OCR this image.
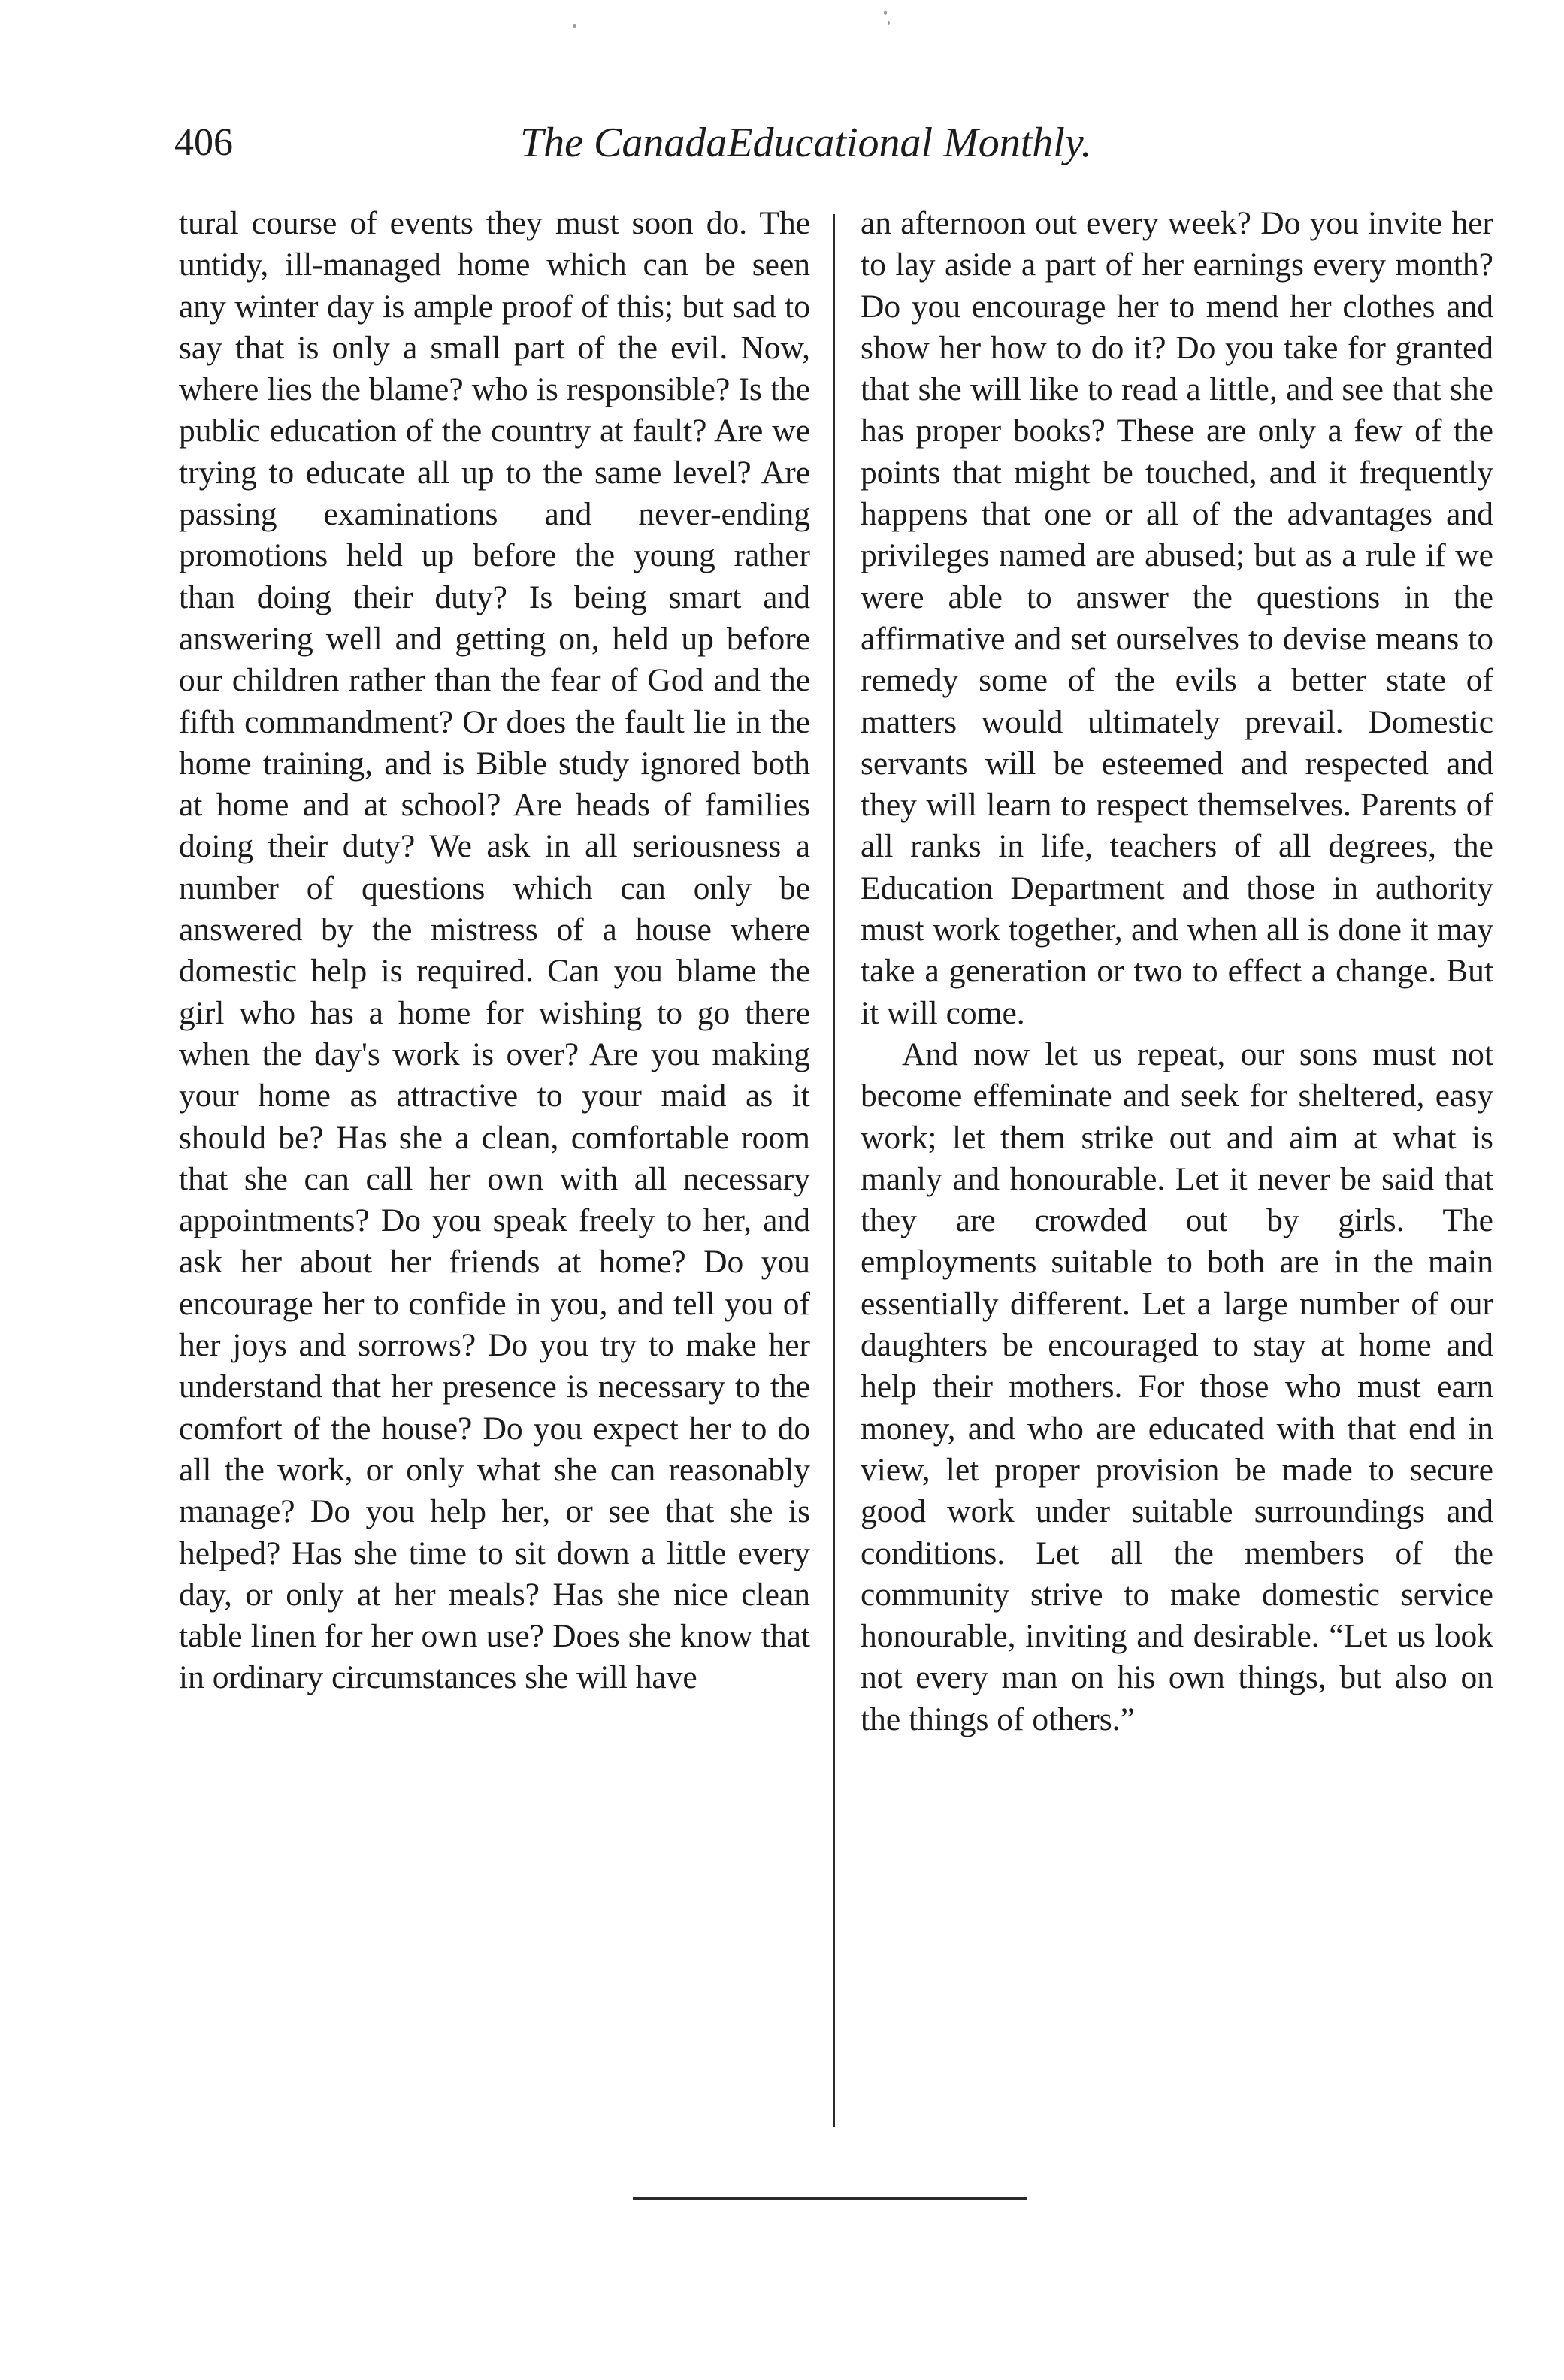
406	The CanadaEducational Monthly.

tural course of events they must soon do. The untidy, ill-managed home which can be seen any winter day is ample proof of this; but sad to say that is only a small part of the evil. Now, where lies the blame? who is responsible? Is the public education of the country at fault? Are we trying to educate all up to the same level? Are passing examinations and never-ending promotions held up before the young rather than doing their duty? Is being smart and answering well and getting on, held up before our children rather than the fear of God and the fifth commandment? Or does the fault lie in the home training, and is Bible study ignored both at home and at school? Are heads of families doing their duty? We ask in all seriousness a number of questions which can only be answered by the mistress of a house where domestic help is required. Can you blame the girl who has a home for wishing to go there when the day's work is over? Are you making your home as attractive to your maid as it should be? Has she a clean, comfortable room that she can call her own with all necessary appointments? Do you speak freely to her, and ask her about her friends at home? Do you encourage her to confide in you, and tell you of her joys and sorrows? Do you try to make her understand that her presence is necessary to the comfort of the house? Do you expect her to do all the work, or only what she can reasonably manage? Do you help her, or see that she is helped? Has she time to sit down a little every day, or only at her meals? Has she nice clean table linen for her own use? Does she know that in ordinary circumstances she will have

an afternoon out every week? Do you invite her to lay aside a part of her earnings every month? Do you encourage her to mend her clothes and show her how to do it? Do you take for granted that she will like to read a little, and see that she has proper books? These are only a few of the points that might be touched, and it frequently happens that one or all of the advantages and privileges named are abused; but as a rule if we were able to answer the questions in the affirmative and set ourselves to devise means to remedy some of the evils a better state of matters would ultimately prevail. Domestic servants will be esteemed and respected and they will learn to respect themselves. Parents of all ranks in life, teachers of all degrees, the Education Department and those in authority must work together, and when all is done it may take a generation or two to effect a change. But it will come.

And now let us repeat, our sons must not become effeminate and seek for sheltered, easy work; let them strike out and aim at what is manly and honourable. Let it never be said that they are crowded out by girls. The employments suitable to both are in the main essentially different. Let a large number of our daughters be encouraged to stay at home and help their mothers. For those who must earn money, and who are educated with that end in view, let proper provision be made to secure good work under suitable surroundings and conditions. Let all the members of the community strive to make domestic service honourable, inviting and desirable. “Let us look not every man on his own things, but also on the things of others.”
